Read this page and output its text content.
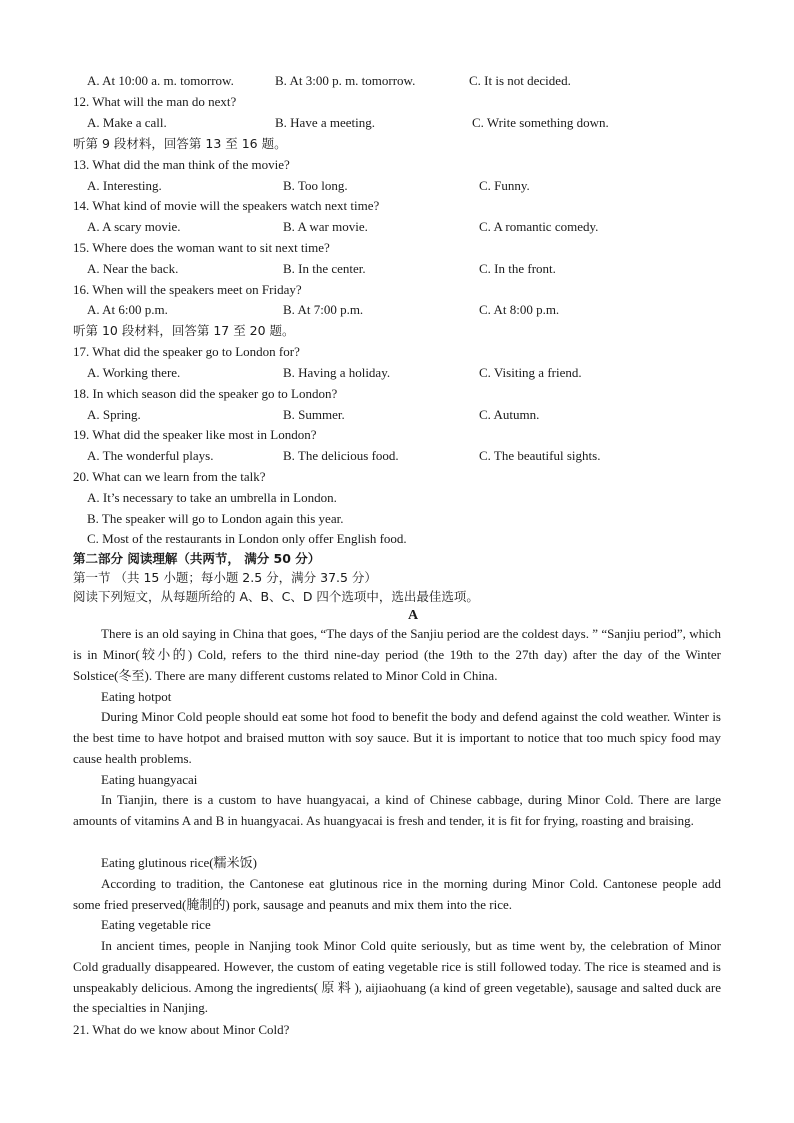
A. At 10:00 a. m. tomorrow.	B. At 3:00 p. m. tomorrow.	C. It is not decided.
12. What will the man do next?
A. Make a call.	B. Have a meeting.	C. Write something down.
听第 9 段材料，回答第 13 至 16 题。
13. What did the man think of the movie?
A. Interesting.	B. Too long.	C. Funny.
14. What kind of movie will the speakers watch next time?
A. A scary movie.	B. A war movie.	C. A romantic comedy.
15. Where does the woman want to sit next time?
A. Near the back.	B. In the center.	C. In the front.
16. When will the speakers meet on Friday?
A. At 6:00 p.m.	B. At 7:00 p.m.	C. At 8:00 p.m.
听第 10 段材料，回答第 17 至 20 题。
17. What did the speaker go to London for?
A. Working there.	B. Having a holiday.	C. Visiting a friend.
18. In which season did the speaker go to London?
A. Spring.	B. Summer.	C. Autumn.
19. What did the speaker like most in London?
A. The wonderful plays.	B. The delicious food.	C. The beautiful sights.
20. What can we learn from the talk?
A. It’s necessary to take an umbrella in London.
B. The speaker will go to London again this year.
C. Most of the restaurants in London only offer English food.
第二部分 阅读理解（共两节， 满分 50 分）
第一节 （共 15 小题；每小题 2.5 分，满分 37.5 分）
阅读下列短文，从每题所给的 A、B、C、D 四个选项中，选出最佳选项。
A
There is an old saying in China that goes, “The days of the Sanjiu period are the coldest days. ” “Sanjiu period”, which is in Minor(较小的) Cold, refers to the third nine-day period (the 19th to the 27th day) after the day of the Winter Solstice(冬至). There are many different customs related to Minor Cold in China.
Eating hotpot
During Minor Cold people should eat some hot food to benefit the body and defend against the cold weather. Winter is the best time to have hotpot and braised mutton with soy sauce. But it is important to notice that too much spicy food may cause health problems.
Eating huangyacai
In Tianjin, there is a custom to have huangyacai, a kind of Chinese cabbage, during Minor Cold. There are large amounts of vitamins A and B in huangyacai. As huangyacai is fresh and tender, it is fit for frying, roasting and braising.
Eating glutinous rice(糯米饭)
According to tradition, the Cantonese eat glutinous rice in the morning during Minor Cold. Cantonese people add some fried preserved(腌制的) pork, sausage and peanuts and mix them into the rice.
Eating vegetable rice
In ancient times, people in Nanjing took Minor Cold quite seriously, but as time went by, the celebration of Minor Cold gradually disappeared. However, the custom of eating vegetable rice is still followed today. The rice is steamed and is unspeakably delicious. Among the ingredients( 原 料 ), aijiaohuang (a kind of green vegetable), sausage and salted duck are the specialties in Nanjing.
21. What do we know about Minor Cold?
